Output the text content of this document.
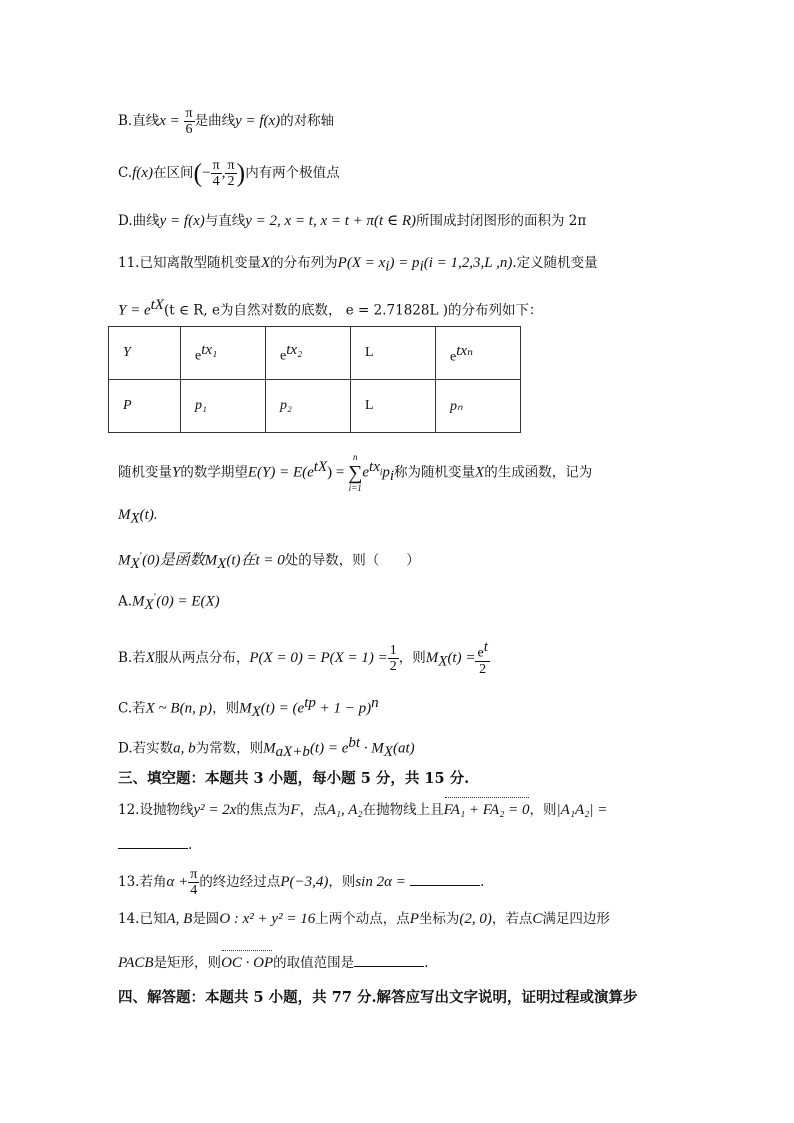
B.直线$x = \frac{\pi}{6}$ 是曲线y = f(x)的对称轴
C.f(x)在区间(− $\frac{\pi}{4}$ , $\frac{\pi}{2}$ )内有两个极值点
D.曲线y = f(x)与直线y = 2, x = t, x = t + π(t ∈ R)所围成封闭图形的面积为 2π
11.已知离散型随机变量X的分布列为$P(X = x_i) = p_i(i = 1,2,3,L$ ,n).定义随机变量
$Y = e^{tX}(t$ ∈ R, e为自然对数的底数， e = 2.71828L )的分布列如下：
Y	$e^{tx_1}$	$e^{tx_2}$	L	$e^{tx_n}$
P	p₁	p₂	L	pₙ
随机变量Y的数学期望$E(Y) = E(e^{tX})$ =
n
∑
i=1
$e^{tx_i}p_i$称为随机变量X的生成函数，记为
$M_X(t)$.
$M_X'(0)$是函数$M_X(t)$在t = 0处的导数，则（　　）
$A.M_X'(0) = E(X)$
B.若X服从两点分布，$P(X = 0) = P(X = 1) = \frac{1}{2}$ ，则$M_X(t) = \frac{e^t}{2}$
C.若X ~ B(n, p)，则$M_X(t) = (e^{tp} + 1 - p)^n$
D.若实数a, b为常数，则$M_{aX+b}(t) = e^{bt} \cdot M_X(at)$
三、填空题：本题共 3 小题，每小题 5 分，共 15 分.
12.设抛物线y² = 2x的焦点为F，点A₁, A₂在抛物线上且FA₁ + FA₂ = 0，则|A₁A₂| =
.
13.若角$\alpha + \frac{\pi}{4}$ 的终边经过点P(−3,4)，则sin 2α =	.
14.已知A, B是圆O : x² + y² = 16上两个动点，点P坐标为(2, 0)，若点C满足四边形
PACB是矩形，则OC · OP的取值范围是	.
四、解答题：本题共 5 小题，共 77 分.解答应写出文字说明，证明过程或演算步
